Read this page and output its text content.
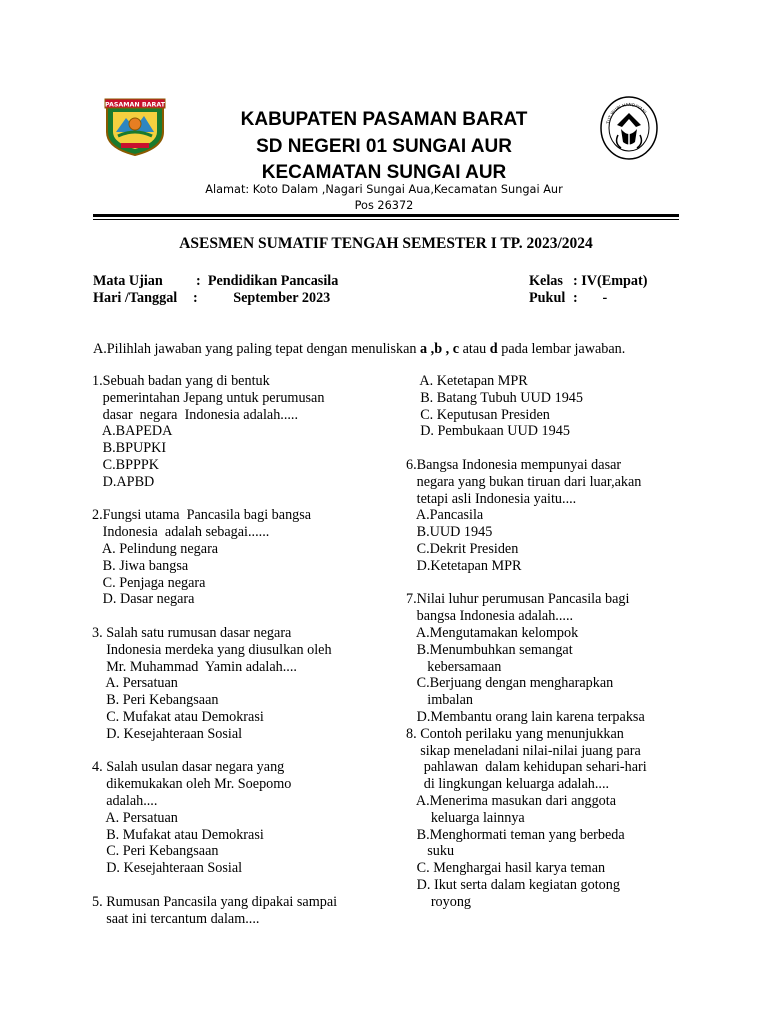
PASAMAN BARAT
TUT WURI HANDAYANI
KABUPATEN PASAMAN BARAT
SD NEGERI 01 SUNGAI AUR
KECAMATAN SUNGAI AUR
Alamat: Koto Dalam ,Nagari Sungai Aua,Kecamatan Sungai Aur
Pos 26372
ASESMEN SUMATIF TENGAH SEMESTER I TP. 2023/2024
Mata Ujian :  Pendidikan Pancasila
Hari /Tanggal :          September 2023
Kelas : IV(Empat)
Pukul :       -
A.Pilihlah jawaban yang paling tepat dengan menuliskan a ,b , c atau d pada lembar jawaban.
1.Sebuah badan yang di bentuk
pemerintahan Jepang untuk perumusan
dasar  negara  Indonesia adalah.....
A.BAPEDA
B.BPUPKI
C.BPPPK
D.APBD
2.Fungsi utama  Pancasila bagi bangsa
Indonesia  adalah sebagai......
A. Pelindung negara
B. Jiwa bangsa
C. Penjaga negara
D. Dasar negara
3. Salah satu rumusan dasar negara
Indonesia merdeka yang diusulkan oleh
Mr. Muhammad  Yamin adalah....
A. Persatuan
B. Peri Kebangsaan
C. Mufakat atau Demokrasi
D. Kesejahteraan Sosial
4. Salah usulan dasar negara yang
dikemukakan oleh Mr. Soepomo
adalah....
A. Persatuan
B. Mufakat atau Demokrasi
C. Peri Kebangsaan
D. Kesejahteraan Sosial
5. Rumusan Pancasila yang dipakai sampai
saat ini tercantum dalam....
A. Ketetapan MPR
B. Batang Tubuh UUD 1945
C. Keputusan Presiden
D. Pembukaan UUD 1945
6.Bangsa Indonesia mempunyai dasar
negara yang bukan tiruan dari luar,akan
tetapi asli Indonesia yaitu....
A.Pancasila
B.UUD 1945
C.Dekrit Presiden
D.Ketetapan MPR
7.Nilai luhur perumusan Pancasila bagi
bangsa Indonesia adalah.....
A.Mengutamakan kelompok
B.Menumbuhkan semangat
kebersamaan
C.Berjuang dengan mengharapkan
imbalan
D.Membantu orang lain karena terpaksa
8. Contoh perilaku yang menunjukkan
sikap meneladani nilai-nilai juang para
pahlawan  dalam kehidupan sehari-hari
di lingkungan keluarga adalah....
A.Menerima masukan dari anggota
keluarga lainnya
B.Menghormati teman yang berbeda
suku
C. Menghargai hasil karya teman
D. Ikut serta dalam kegiatan gotong
royong
